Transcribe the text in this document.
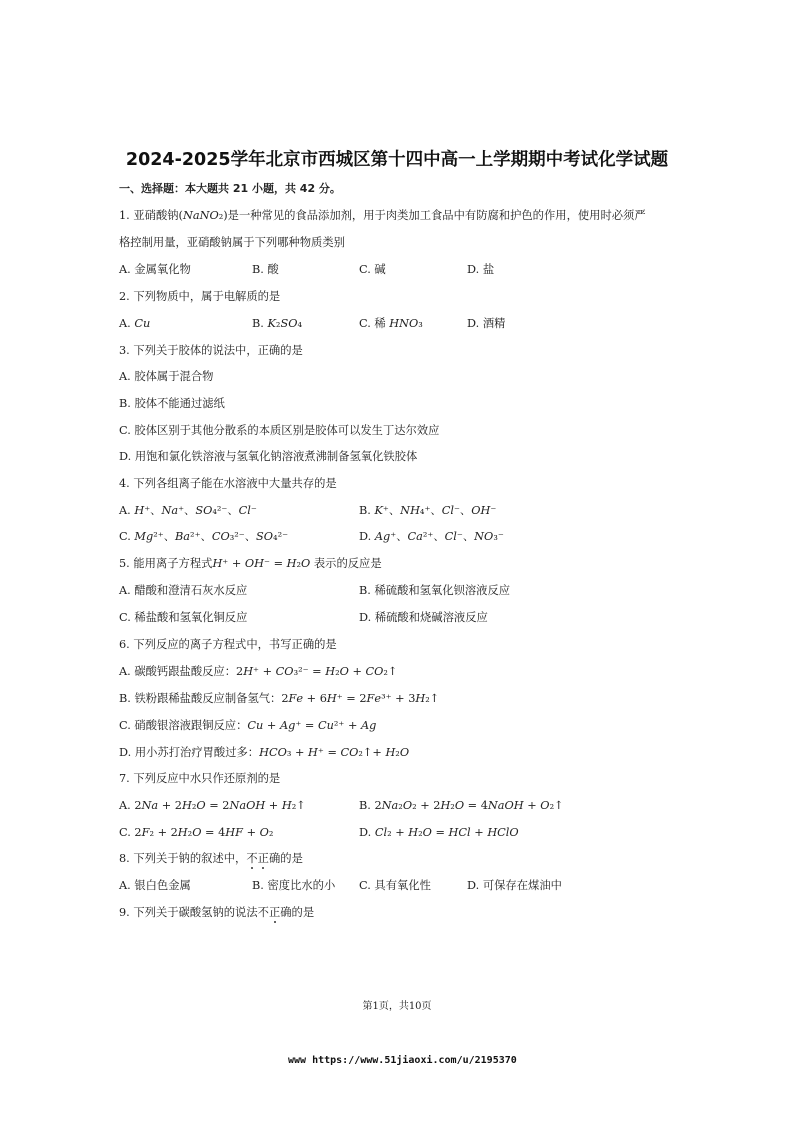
2024-2025学年北京市西城区第十四中高一上学期期中考试化学试题
一、选择题：本大题共 21 小题，共 42 分。
1. 亚硝酸钠(𝑁𝑎𝑁𝑂₂)是一种常见的食品添加剂，用于肉类加工食品中有防腐和护色的作用，使用时必须严
格控制用量，亚硝酸钠属于下列哪种物质类别
A. 金属氧化物	B. 酸	C. 碱	D. 盐
2. 下列物质中，属于电解质的是
A. 𝐶𝑢	B. 𝐾₂𝑆𝑂₄	C. 稀 𝐻𝑁𝑂₃	D. 酒精
3. 下列关于胶体的说法中，正确的是
A. 胶体属于混合物
B. 胶体不能通过滤纸
C. 胶体区别于其他分散系的本质区别是胶体可以发生丁达尔效应
D. 用饱和氯化铁溶液与氢氧化钠溶液煮沸制备氢氧化铁胶体
4. 下列各组离子能在水溶液中大量共存的是
A. 𝐻⁺、𝑁𝑎⁺、𝑆𝑂₄²⁻、𝐶𝑙⁻	B. 𝐾⁺、𝑁𝐻₄⁺、𝐶𝑙⁻、𝑂𝐻⁻
C. 𝑀𝑔²⁺、𝐵𝑎²⁺、𝐶𝑂₃²⁻、𝑆𝑂₄²⁻	D. 𝐴𝑔⁺、𝐶𝑎²⁺、𝐶𝑙⁻、𝑁𝑂₃⁻
5. 能用离子方程式𝐻⁺ + 𝑂𝐻⁻ = 𝐻₂𝑂 表示的反应是
A. 醋酸和澄清石灰水反应	B. 稀硫酸和氢氧化钡溶液反应
C. 稀盐酸和氢氧化铜反应	D. 稀硫酸和烧碱溶液反应
6. 下列反应的离子方程式中，书写正确的是
A. 碳酸钙跟盐酸反应：2𝐻⁺ + 𝐶𝑂₃²⁻ = 𝐻₂𝑂 + 𝐶𝑂₂↑
B. 铁粉跟稀盐酸反应制备氢气：2𝐹𝑒 + 6𝐻⁺ = 2𝐹𝑒³⁺ + 3𝐻₂↑
C. 硝酸银溶液跟铜反应：𝐶𝑢 + 𝐴𝑔⁺ = 𝐶𝑢²⁺ + 𝐴𝑔
D. 用小苏打治疗胃酸过多：𝐻𝐶𝑂₃ + 𝐻⁺ = 𝐶𝑂₂↑+ 𝐻₂𝑂
7. 下列反应中水只作还原剂的是
A. 2𝑁𝑎 + 2𝐻₂𝑂 = 2𝑁𝑎𝑂𝐻 + 𝐻₂↑	B. 2𝑁𝑎₂𝑂₂ + 2𝐻₂𝑂 = 4𝑁𝑎𝑂𝐻 + 𝑂₂↑
C. 2𝐹₂ + 2𝐻₂𝑂 = 4𝐻𝐹 + 𝑂₂	D. 𝐶𝑙₂ + 𝐻₂𝑂 = 𝐻𝐶𝑙 + 𝐻𝐶𝑙𝑂
8. 下列关于钠的叙述中，不正确的是
A. 银白色金属	B. 密度比水的小 C. 具有氧化性	D. 可保存在煤油中
9. 下列关于碳酸氢钠的说法不正确的是
第1页，共10页
www https://www.51jiaoxi.com/u/2195370
